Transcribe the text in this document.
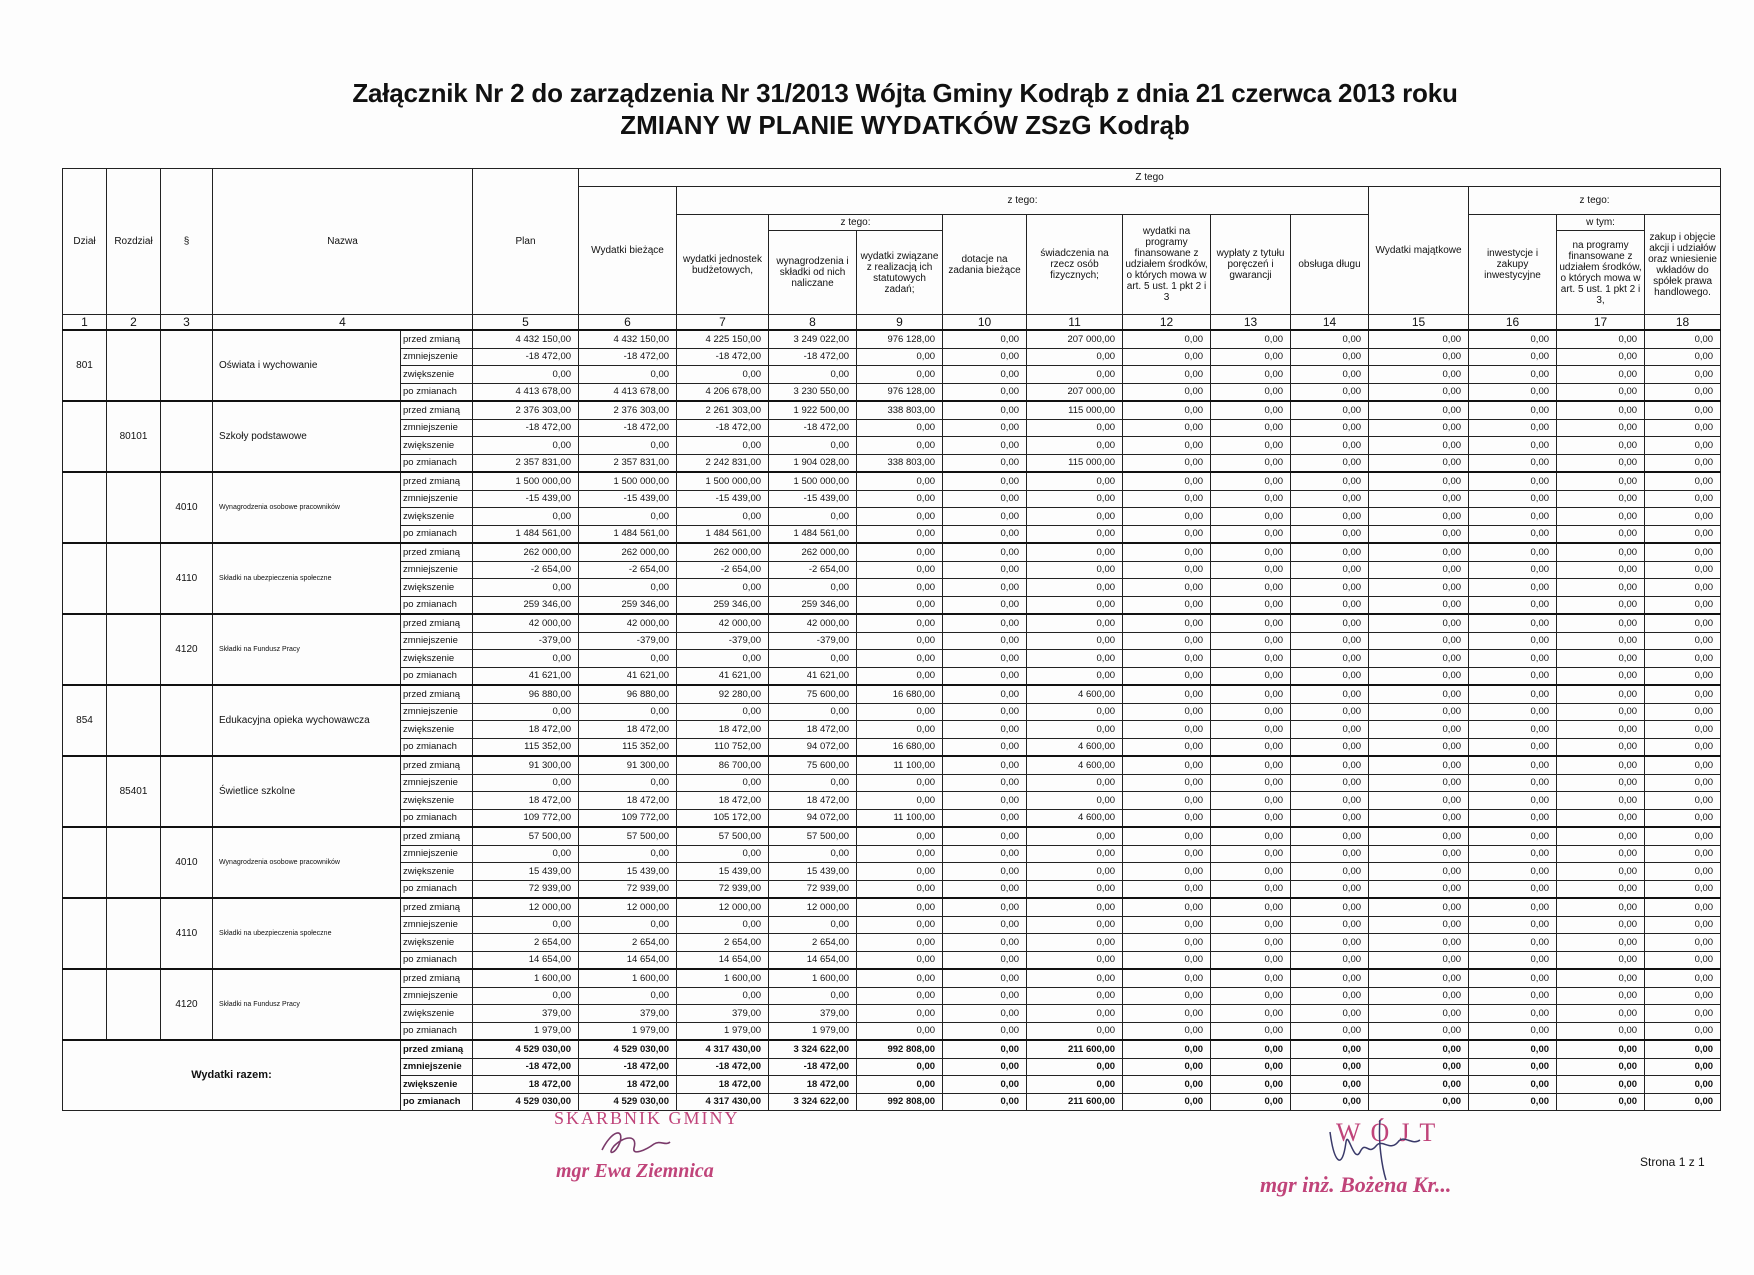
Załącznik Nr 2 do zarządzenia Nr 31/2013 Wójta Gminy Kodrąb z dnia 21 czerwca 2013 roku
ZMIANY W PLANIE WYDATKÓW ZSzG Kodrąb
Dział	Rozdział	§	Nazwa		Plan	Z tego												
						Wydatki bieżące	z tego:								Wydatki majątkowe	z tego:		
							wydatki jednostek budżetowych,	z tego:		dotacje na zadania bieżące	świadczenia na rzecz osób fizycznych;	wydatki na programy finansowane z udziałem środków, o których mowa w art. 5 ust. 1 pkt 2 i 3	wypłaty z tytułu poręczeń i gwarancji	obsługa długu		inwestycje i zakupy inwestycyjne	w tym:	zakup i objęcie akcji i udziałów oraz wniesienie wkładów do spółek prawa handlowego.
								wynagrodzenia i składki od nich naliczane	wydatki związane z realizacją ich statutowych zadań;								na programy finansowane z udziałem środków, o których mowa w art. 5 ust. 1 pkt 2 i 3,	
1	2	3	4		5	6	7	8	9	10	11	12	13	14	15	16	17	18
801			Oświata i wychowanie	przed zmianą	4 432 150,00	4 432 150,00	4 225 150,00	3 249 022,00	976 128,00	0,00	207 000,00	0,00	0,00	0,00	0,00	0,00	0,00	0,00
				zmniejszenie	-18 472,00	-18 472,00	-18 472,00	-18 472,00	0,00	0,00	0,00	0,00	0,00	0,00	0,00	0,00	0,00	0,00
				zwiększenie	0,00	0,00	0,00	0,00	0,00	0,00	0,00	0,00	0,00	0,00	0,00	0,00	0,00	0,00
				po zmianach	4 413 678,00	4 413 678,00	4 206 678,00	3 230 550,00	976 128,00	0,00	207 000,00	0,00	0,00	0,00	0,00	0,00	0,00	0,00
	80101		Szkoły podstawowe	przed zmianą	2 376 303,00	2 376 303,00	2 261 303,00	1 922 500,00	338 803,00	0,00	115 000,00	0,00	0,00	0,00	0,00	0,00	0,00	0,00
				zmniejszenie	-18 472,00	-18 472,00	-18 472,00	-18 472,00	0,00	0,00	0,00	0,00	0,00	0,00	0,00	0,00	0,00	0,00
				zwiększenie	0,00	0,00	0,00	0,00	0,00	0,00	0,00	0,00	0,00	0,00	0,00	0,00	0,00	0,00
				po zmianach	2 357 831,00	2 357 831,00	2 242 831,00	1 904 028,00	338 803,00	0,00	115 000,00	0,00	0,00	0,00	0,00	0,00	0,00	0,00
		4010	Wynagrodzenia osobowe pracowników	przed zmianą	1 500 000,00	1 500 000,00	1 500 000,00	1 500 000,00	0,00	0,00	0,00	0,00	0,00	0,00	0,00	0,00	0,00	0,00
				zmniejszenie	-15 439,00	-15 439,00	-15 439,00	-15 439,00	0,00	0,00	0,00	0,00	0,00	0,00	0,00	0,00	0,00	0,00
				zwiększenie	0,00	0,00	0,00	0,00	0,00	0,00	0,00	0,00	0,00	0,00	0,00	0,00	0,00	0,00
				po zmianach	1 484 561,00	1 484 561,00	1 484 561,00	1 484 561,00	0,00	0,00	0,00	0,00	0,00	0,00	0,00	0,00	0,00	0,00
		4110	Składki na ubezpieczenia społeczne	przed zmianą	262 000,00	262 000,00	262 000,00	262 000,00	0,00	0,00	0,00	0,00	0,00	0,00	0,00	0,00	0,00	0,00
				zmniejszenie	-2 654,00	-2 654,00	-2 654,00	-2 654,00	0,00	0,00	0,00	0,00	0,00	0,00	0,00	0,00	0,00	0,00
				zwiększenie	0,00	0,00	0,00	0,00	0,00	0,00	0,00	0,00	0,00	0,00	0,00	0,00	0,00	0,00
				po zmianach	259 346,00	259 346,00	259 346,00	259 346,00	0,00	0,00	0,00	0,00	0,00	0,00	0,00	0,00	0,00	0,00
		4120	Składki na Fundusz Pracy	przed zmianą	42 000,00	42 000,00	42 000,00	42 000,00	0,00	0,00	0,00	0,00	0,00	0,00	0,00	0,00	0,00	0,00
				zmniejszenie	-379,00	-379,00	-379,00	-379,00	0,00	0,00	0,00	0,00	0,00	0,00	0,00	0,00	0,00	0,00
				zwiększenie	0,00	0,00	0,00	0,00	0,00	0,00	0,00	0,00	0,00	0,00	0,00	0,00	0,00	0,00
				po zmianach	41 621,00	41 621,00	41 621,00	41 621,00	0,00	0,00	0,00	0,00	0,00	0,00	0,00	0,00	0,00	0,00
854			Edukacyjna opieka wychowawcza	przed zmianą	96 880,00	96 880,00	92 280,00	75 600,00	16 680,00	0,00	4 600,00	0,00	0,00	0,00	0,00	0,00	0,00	0,00
				zmniejszenie	0,00	0,00	0,00	0,00	0,00	0,00	0,00	0,00	0,00	0,00	0,00	0,00	0,00	0,00
				zwiększenie	18 472,00	18 472,00	18 472,00	18 472,00	0,00	0,00	0,00	0,00	0,00	0,00	0,00	0,00	0,00	0,00
				po zmianach	115 352,00	115 352,00	110 752,00	94 072,00	16 680,00	0,00	4 600,00	0,00	0,00	0,00	0,00	0,00	0,00	0,00
	85401		Świetlice szkolne	przed zmianą	91 300,00	91 300,00	86 700,00	75 600,00	11 100,00	0,00	4 600,00	0,00	0,00	0,00	0,00	0,00	0,00	0,00
				zmniejszenie	0,00	0,00	0,00	0,00	0,00	0,00	0,00	0,00	0,00	0,00	0,00	0,00	0,00	0,00
				zwiększenie	18 472,00	18 472,00	18 472,00	18 472,00	0,00	0,00	0,00	0,00	0,00	0,00	0,00	0,00	0,00	0,00
				po zmianach	109 772,00	109 772,00	105 172,00	94 072,00	11 100,00	0,00	4 600,00	0,00	0,00	0,00	0,00	0,00	0,00	0,00
		4010	Wynagrodzenia osobowe pracowników	przed zmianą	57 500,00	57 500,00	57 500,00	57 500,00	0,00	0,00	0,00	0,00	0,00	0,00	0,00	0,00	0,00	0,00
				zmniejszenie	0,00	0,00	0,00	0,00	0,00	0,00	0,00	0,00	0,00	0,00	0,00	0,00	0,00	0,00
				zwiększenie	15 439,00	15 439,00	15 439,00	15 439,00	0,00	0,00	0,00	0,00	0,00	0,00	0,00	0,00	0,00	0,00
				po zmianach	72 939,00	72 939,00	72 939,00	72 939,00	0,00	0,00	0,00	0,00	0,00	0,00	0,00	0,00	0,00	0,00
		4110	Składki na ubezpieczenia społeczne	przed zmianą	12 000,00	12 000,00	12 000,00	12 000,00	0,00	0,00	0,00	0,00	0,00	0,00	0,00	0,00	0,00	0,00
				zmniejszenie	0,00	0,00	0,00	0,00	0,00	0,00	0,00	0,00	0,00	0,00	0,00	0,00	0,00	0,00
				zwiększenie	2 654,00	2 654,00	2 654,00	2 654,00	0,00	0,00	0,00	0,00	0,00	0,00	0,00	0,00	0,00	0,00
				po zmianach	14 654,00	14 654,00	14 654,00	14 654,00	0,00	0,00	0,00	0,00	0,00	0,00	0,00	0,00	0,00	0,00
		4120	Składki na Fundusz Pracy	przed zmianą	1 600,00	1 600,00	1 600,00	1 600,00	0,00	0,00	0,00	0,00	0,00	0,00	0,00	0,00	0,00	0,00
				zmniejszenie	0,00	0,00	0,00	0,00	0,00	0,00	0,00	0,00	0,00	0,00	0,00	0,00	0,00	0,00
				zwiększenie	379,00	379,00	379,00	379,00	0,00	0,00	0,00	0,00	0,00	0,00	0,00	0,00	0,00	0,00
				po zmianach	1 979,00	1 979,00	1 979,00	1 979,00	0,00	0,00	0,00	0,00	0,00	0,00	0,00	0,00	0,00	0,00
Wydatki razem:				przed zmianą	4 529 030,00	4 529 030,00	4 317 430,00	3 324 622,00	992 808,00	0,00	211 600,00	0,00	0,00	0,00	0,00	0,00	0,00	0,00
				zmniejszenie	-18 472,00	-18 472,00	-18 472,00	-18 472,00	0,00	0,00	0,00	0,00	0,00	0,00	0,00	0,00	0,00	0,00
				zwiększenie	18 472,00	18 472,00	18 472,00	18 472,00	0,00	0,00	0,00	0,00	0,00	0,00	0,00	0,00	0,00	0,00
				po zmianach	4 529 030,00	4 529 030,00	4 317 430,00	3 324 622,00	992 808,00	0,00	211 600,00	0,00	0,00	0,00	0,00	0,00	0,00	0,00
SKARBNIK GMINY
mgr Ewa Ziemnica
WÓJT
mgr inż. Bożena Kr...
Strona 1 z 1
